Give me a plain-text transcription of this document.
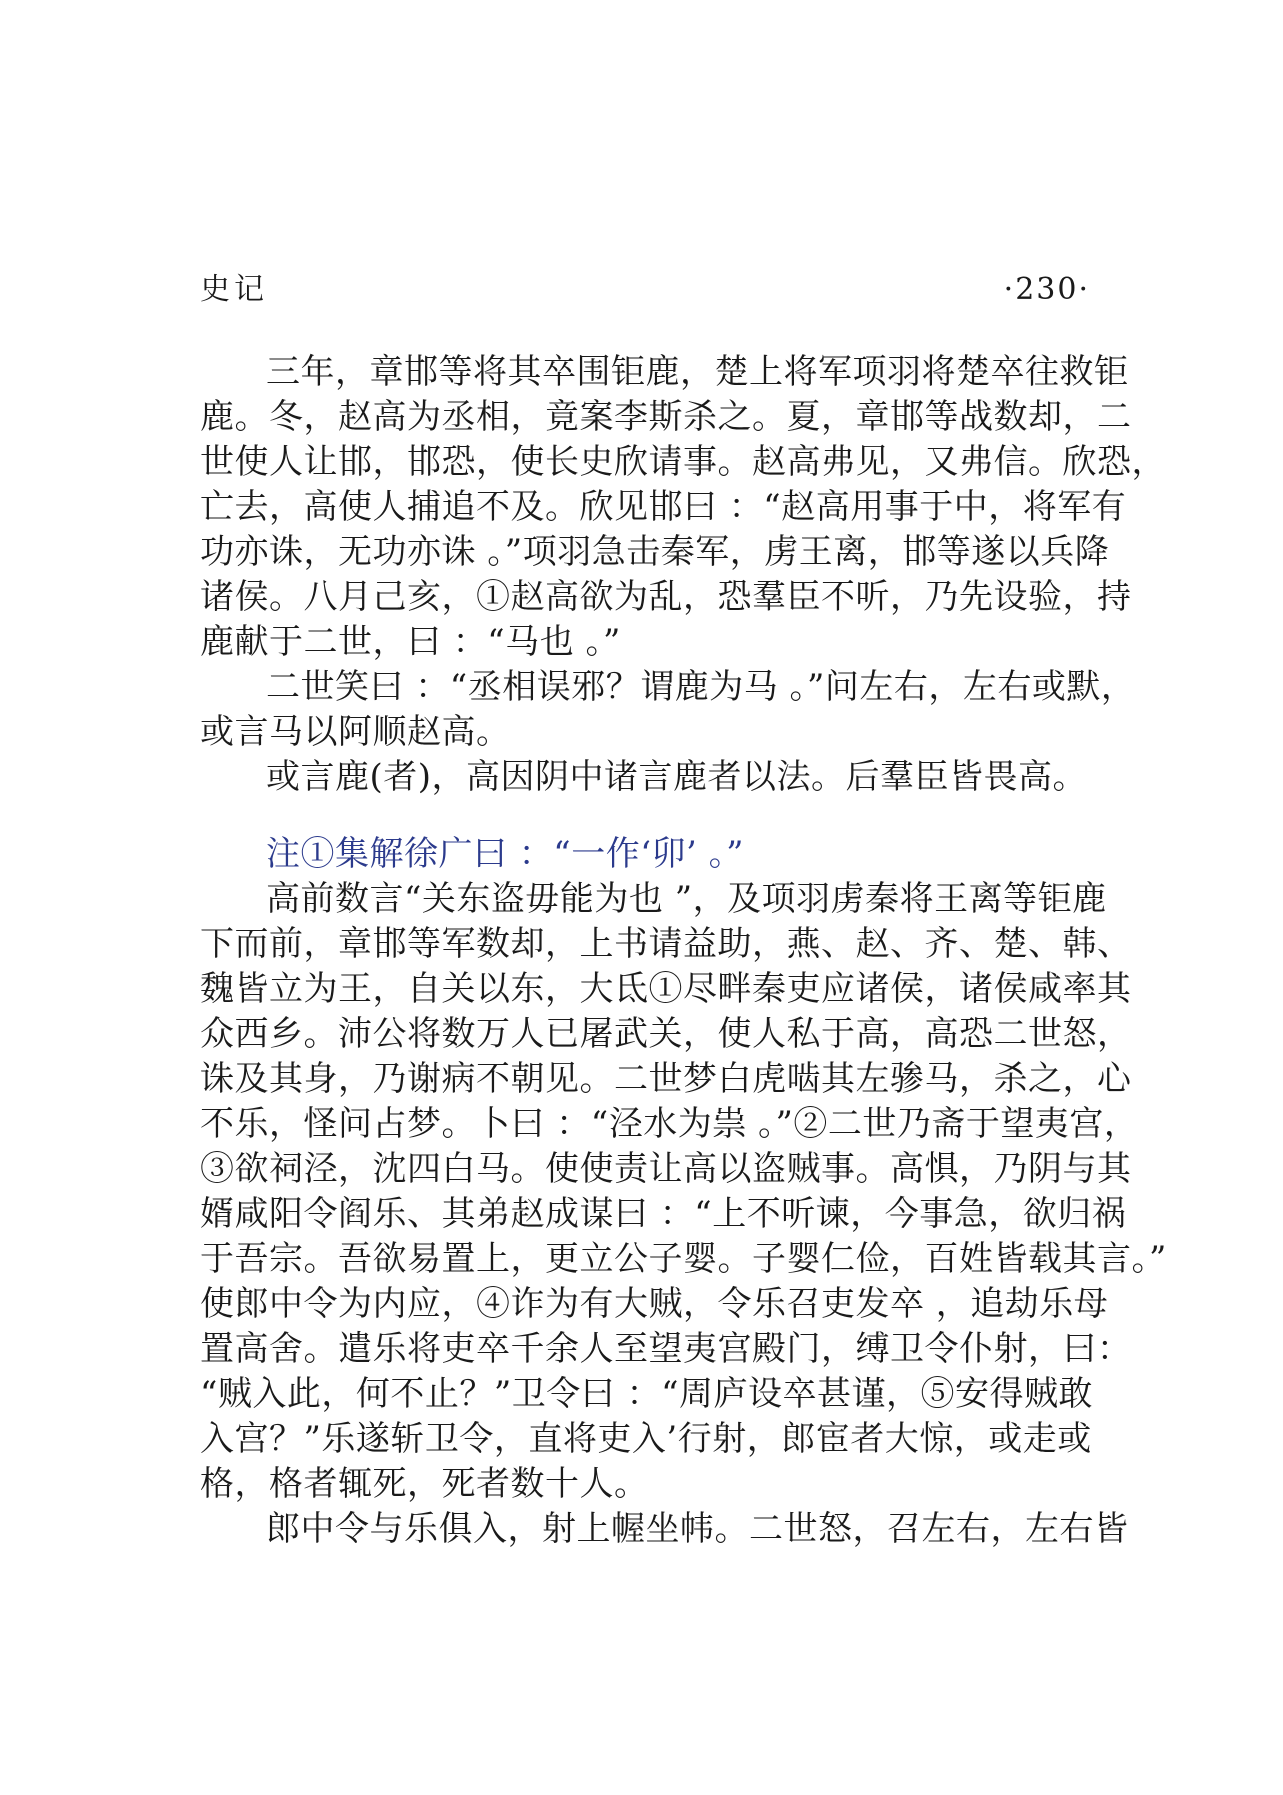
史记	·230·
三年，章邯等将其卒围钜鹿，楚上将军项羽将楚卒往救钜
鹿。冬，赵高为丞相，竟案李斯杀之。夏，章邯等战数却，二
世使人让邯，邯恐，使长史欣请事。赵高弗见，又弗信。欣恐，
亡去，高使人捕追不及。欣见邯曰 ：“赵高用事于中，将军有
功亦诛，无功亦诛 。”项羽急击秦军，虏王离，邯等遂以兵降
诸侯。八月己亥，①赵高欲为乱，恐羣臣不听，乃先设验，持
鹿献于二世，曰 ：“马也 。”
二世笑曰 ：“丞相误邪？谓鹿为马 。”问左右，左右或默，
或言马以阿顺赵高。
或言鹿(者)，高因阴中诸言鹿者以法。后羣臣皆畏高。
注①集解徐广曰 ：“一作‘卯’ 。”
高前数言“关东盗毋能为也 ”，及项羽虏秦将王离等钜鹿
下而前，章邯等军数却，上书请益助，燕、赵、齐、楚、韩、
魏皆立为王，自关以东，大氐①尽畔秦吏应诸侯，诸侯咸率其
众西乡。沛公将数万人已屠武关，使人私于高，高恐二世怒，
诛及其身，乃谢病不朝见。二世梦白虎啮其左骖马，杀之，心
不乐，怪问占梦。卜曰 ：“泾水为祟 。”②二世乃斋于望夷宫，
③欲祠泾，沈四白马。使使责让高以盗贼事。高惧，乃阴与其
婿咸阳令阎乐、其弟赵成谋曰 ：“上不听谏，今事急，欲归祸
于吾宗。吾欲易置上，更立公子婴。子婴仁俭，百姓皆载其言。”
使郎中令为内应，④诈为有大贼，令乐召吏发卒 ，追劫乐母
置高舍。遣乐将吏卒千余人至望夷宫殿门，缚卫令仆射，曰：
“贼入此，何不止？”卫令曰 ：“周庐设卒甚谨，⑤安得贼敢
入宫？”乐遂斩卫令，直将吏入’行射，郎宦者大惊，或走或
格，格者辄死，死者数十人。
郎中令与乐俱入，射上幄坐帏。二世怒，召左右，左右皆
